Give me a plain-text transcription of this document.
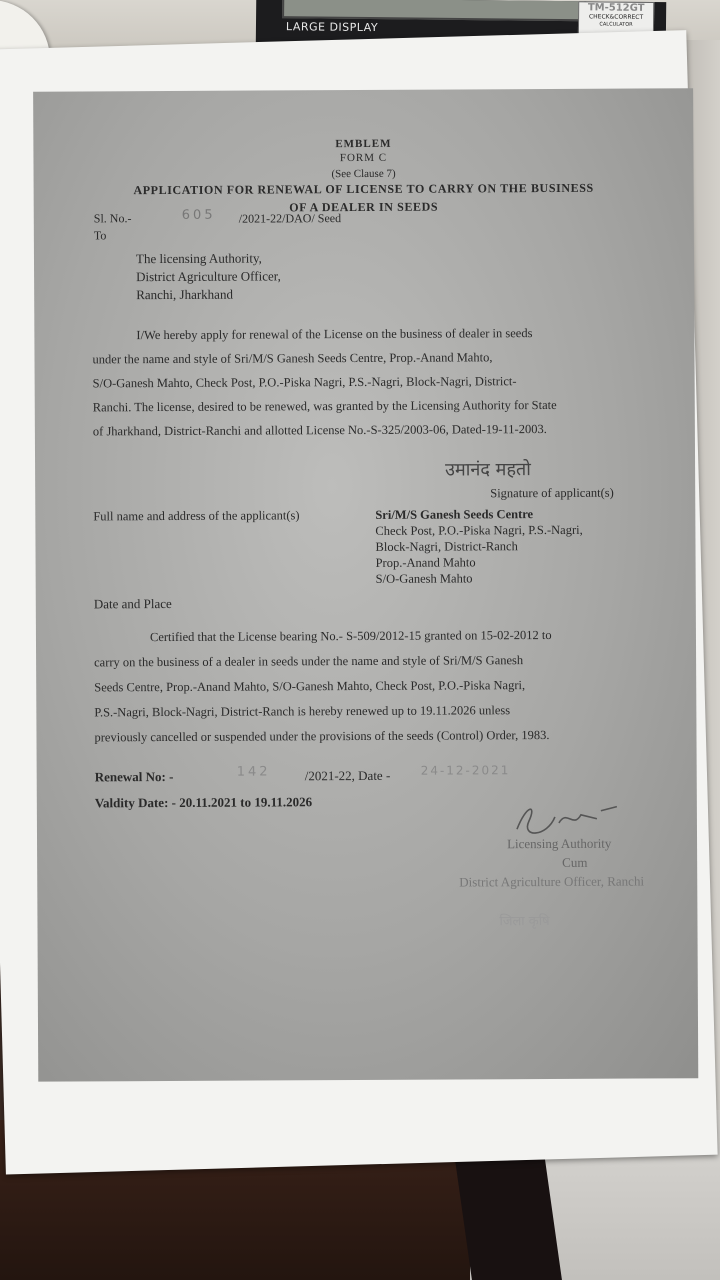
LARGE DISPLAY
TM-512GT
CHECK&CORRECT
CALCULATOR
EMBLEM
FORM C
(See Clause 7)
APPLICATION FOR RENEWAL OF LICENSE TO CARRY ON THE BUSINESS
OF A DEALER IN SEEDS
Sl. No.-	605 /2021-22/DAO/ Seed
To
The licensing Authority,
District Agriculture Officer,
Ranchi, Jharkhand
I/We hereby apply for renewal of the License on the business of dealer in seeds
under the name and style of Sri/M/S Ganesh Seeds Centre, Prop.-Anand Mahto,
S/O-Ganesh Mahto, Check Post, P.O.-Piska Nagri, P.S.-Nagri, Block-Nagri, District-
Ranchi. The license, desired to be renewed, was granted by the Licensing Authority for State
of Jharkhand, District-Ranchi and allotted License No.-S-325/2003-06, Dated-19-11-2003.
उमानंद महतो
Signature of applicant(s)
Full name and address of the applicant(s)	Sri/M/S Ganesh Seeds Centre
Check Post, P.O.-Piska Nagri, P.S.-Nagri,
Block-Nagri, District-Ranch
Prop.-Anand Mahto
S/O-Ganesh Mahto
Date and Place
Certified that the License bearing No.- S-509/2012-15 granted on 15-02-2012 to
carry on the business of a dealer in seeds under the name and style of Sri/M/S Ganesh
Seeds Centre, Prop.-Anand Mahto, S/O-Ganesh Mahto, Check Post, P.O.-Piska Nagri,
P.S.-Nagri, Block-Nagri, District-Ranch is hereby renewed up to 19.11.2026 unless
previously cancelled or suspended under the provisions of the seeds (Control) Order, 1983.
Renewal No: -	142	/2021-22, Date -	24-12-2021
Valdity Date: - 20.11.2021 to 19.11.2026
Licensing Authority
Cum
District Agriculture Officer, Ranchi
जिला कृषि
